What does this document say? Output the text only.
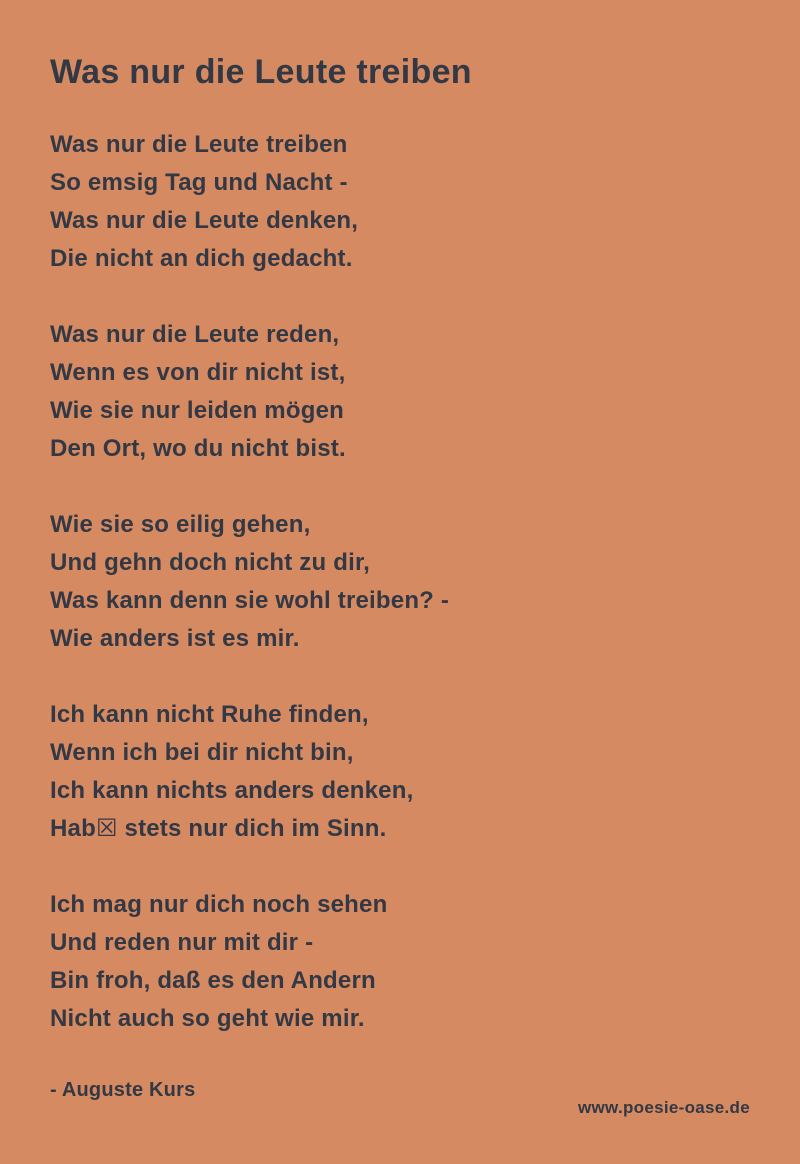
Was nur die Leute treiben
Was nur die Leute treiben
So emsig Tag und Nacht -
Was nur die Leute denken,
Die nicht an dich gedacht.
Was nur die Leute reden,
Wenn es von dir nicht ist,
Wie sie nur leiden mögen
Den Ort, wo du nicht bist.
Wie sie so eilig gehen,
Und gehn doch nicht zu dir,
Was kann denn sie wohl treiben? -
Wie anders ist es mir.
Ich kann nicht Ruhe finden,
Wenn ich bei dir nicht bin,
Ich kann nichts anders denken,
Hab☒ stets nur dich im Sinn.
Ich mag nur dich noch sehen
Und reden nur mit dir -
Bin froh, daß es den Andern
Nicht auch so geht wie mir.
- Auguste Kurs
www.poesie-oase.de
